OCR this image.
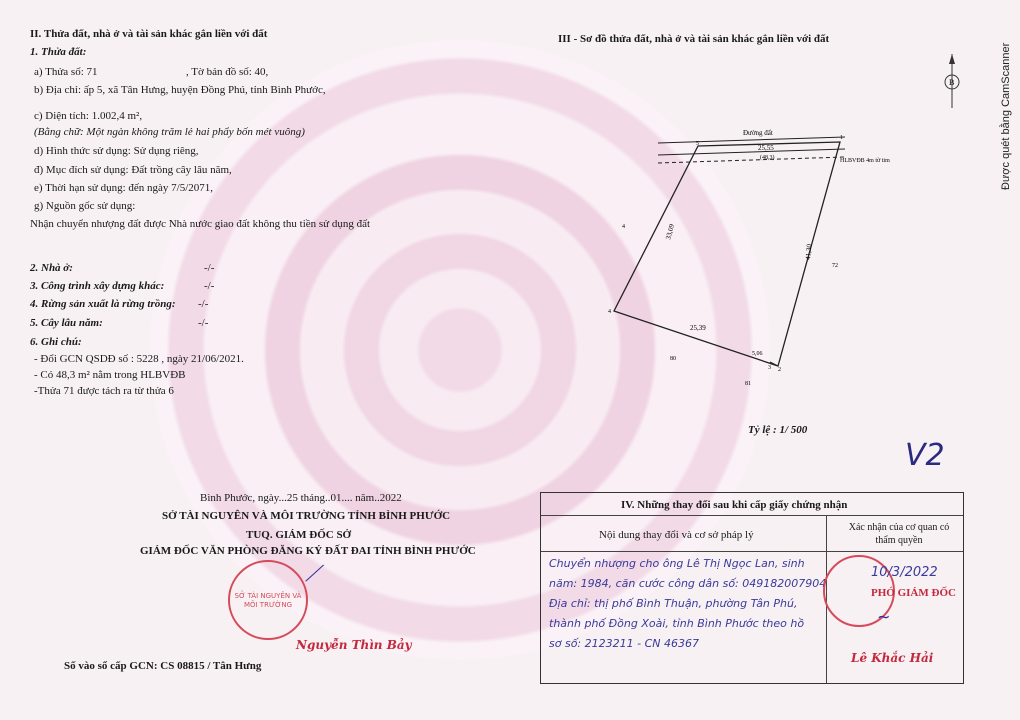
II. Thửa đất, nhà ở và tài sản khác gắn liền với đất
1. Thửa đất:
a) Thửa số: 71	, Tờ bản đồ số: 40,
b) Địa chỉ: ấp 5, xã Tân Hưng, huyện Đồng Phú, tỉnh Bình Phước,
c) Diện tích: 1.002,4 m²,
(Bằng chữ: Một ngàn không trăm lẻ hai phẩy bốn mét vuông)
d) Hình thức sử dụng: Sử dụng riêng,
đ) Mục đích sử dụng: Đất trồng cây lâu năm,
e) Thời hạn sử dụng: đến ngày 7/5/2071,
g) Nguồn gốc sử dụng:
Nhận chuyển nhượng đất được Nhà nước giao đất không thu tiền sử dụng đất
2. Nhà ở:	-/-
3. Công trình xây dựng khác:	-/-
4. Rừng sản xuất là rừng trồng: -/-
5. Cây lâu năm:	-/-
6. Ghi chú:
- Đổi GCN QSDĐ số : 5228 , ngày 21/06/2021.
- Có 48,3 m² nằm trong HLBVĐB
-Thửa 71 được tách ra từ thửa 6
III - Sơ đồ thửa đất, nhà ở và tài sản khác gắn liền với đất
Đường đất
25,55
(48,3)	HLBVĐB 4m từ tim
33,09
41,30
25,39
5,06
5
1
4
3 2
4
72
80
81
B
Tỷ lệ : 1/ 500
V2
Được quét bằng CamScanner
Bình Phước, ngày...25 tháng..01.... năm..2022
SỞ TÀI NGUYÊN VÀ MÔI TRƯỜNG TỈNH BÌNH PHƯỚC
TUQ. GIÁM ĐỐC SỞ
GIÁM ĐỐC VĂN PHÒNG ĐĂNG KÝ ĐẤT ĐAI TỈNH BÌNH PHƯỚC
SỞ TÀI NGUYÊN VÀ MÔI TRƯỜNG
⟋
Nguyễn Thìn Bảy
Số vào sổ cấp GCN: CS 08815 / Tân Hưng
IV. Những thay đổi sau khi cấp giấy chứng nhận
Nội dung thay đổi và cơ sở pháp lý
Xác nhận của cơ quan có thẩm quyền
Chuyển nhượng cho ông Lê Thị Ngọc Lan, sinh
năm: 1984, căn cước công dân số: 049182007904
Địa chỉ: thị phố Bình Thuận, phường Tân Phú,
thành phố Đồng Xoài, tỉnh Bình Phước theo hồ
sơ số: 2123211 - CN 46367
10/3/2022
PHÓ GIÁM ĐỐC
∼
Lê Khắc Hải
